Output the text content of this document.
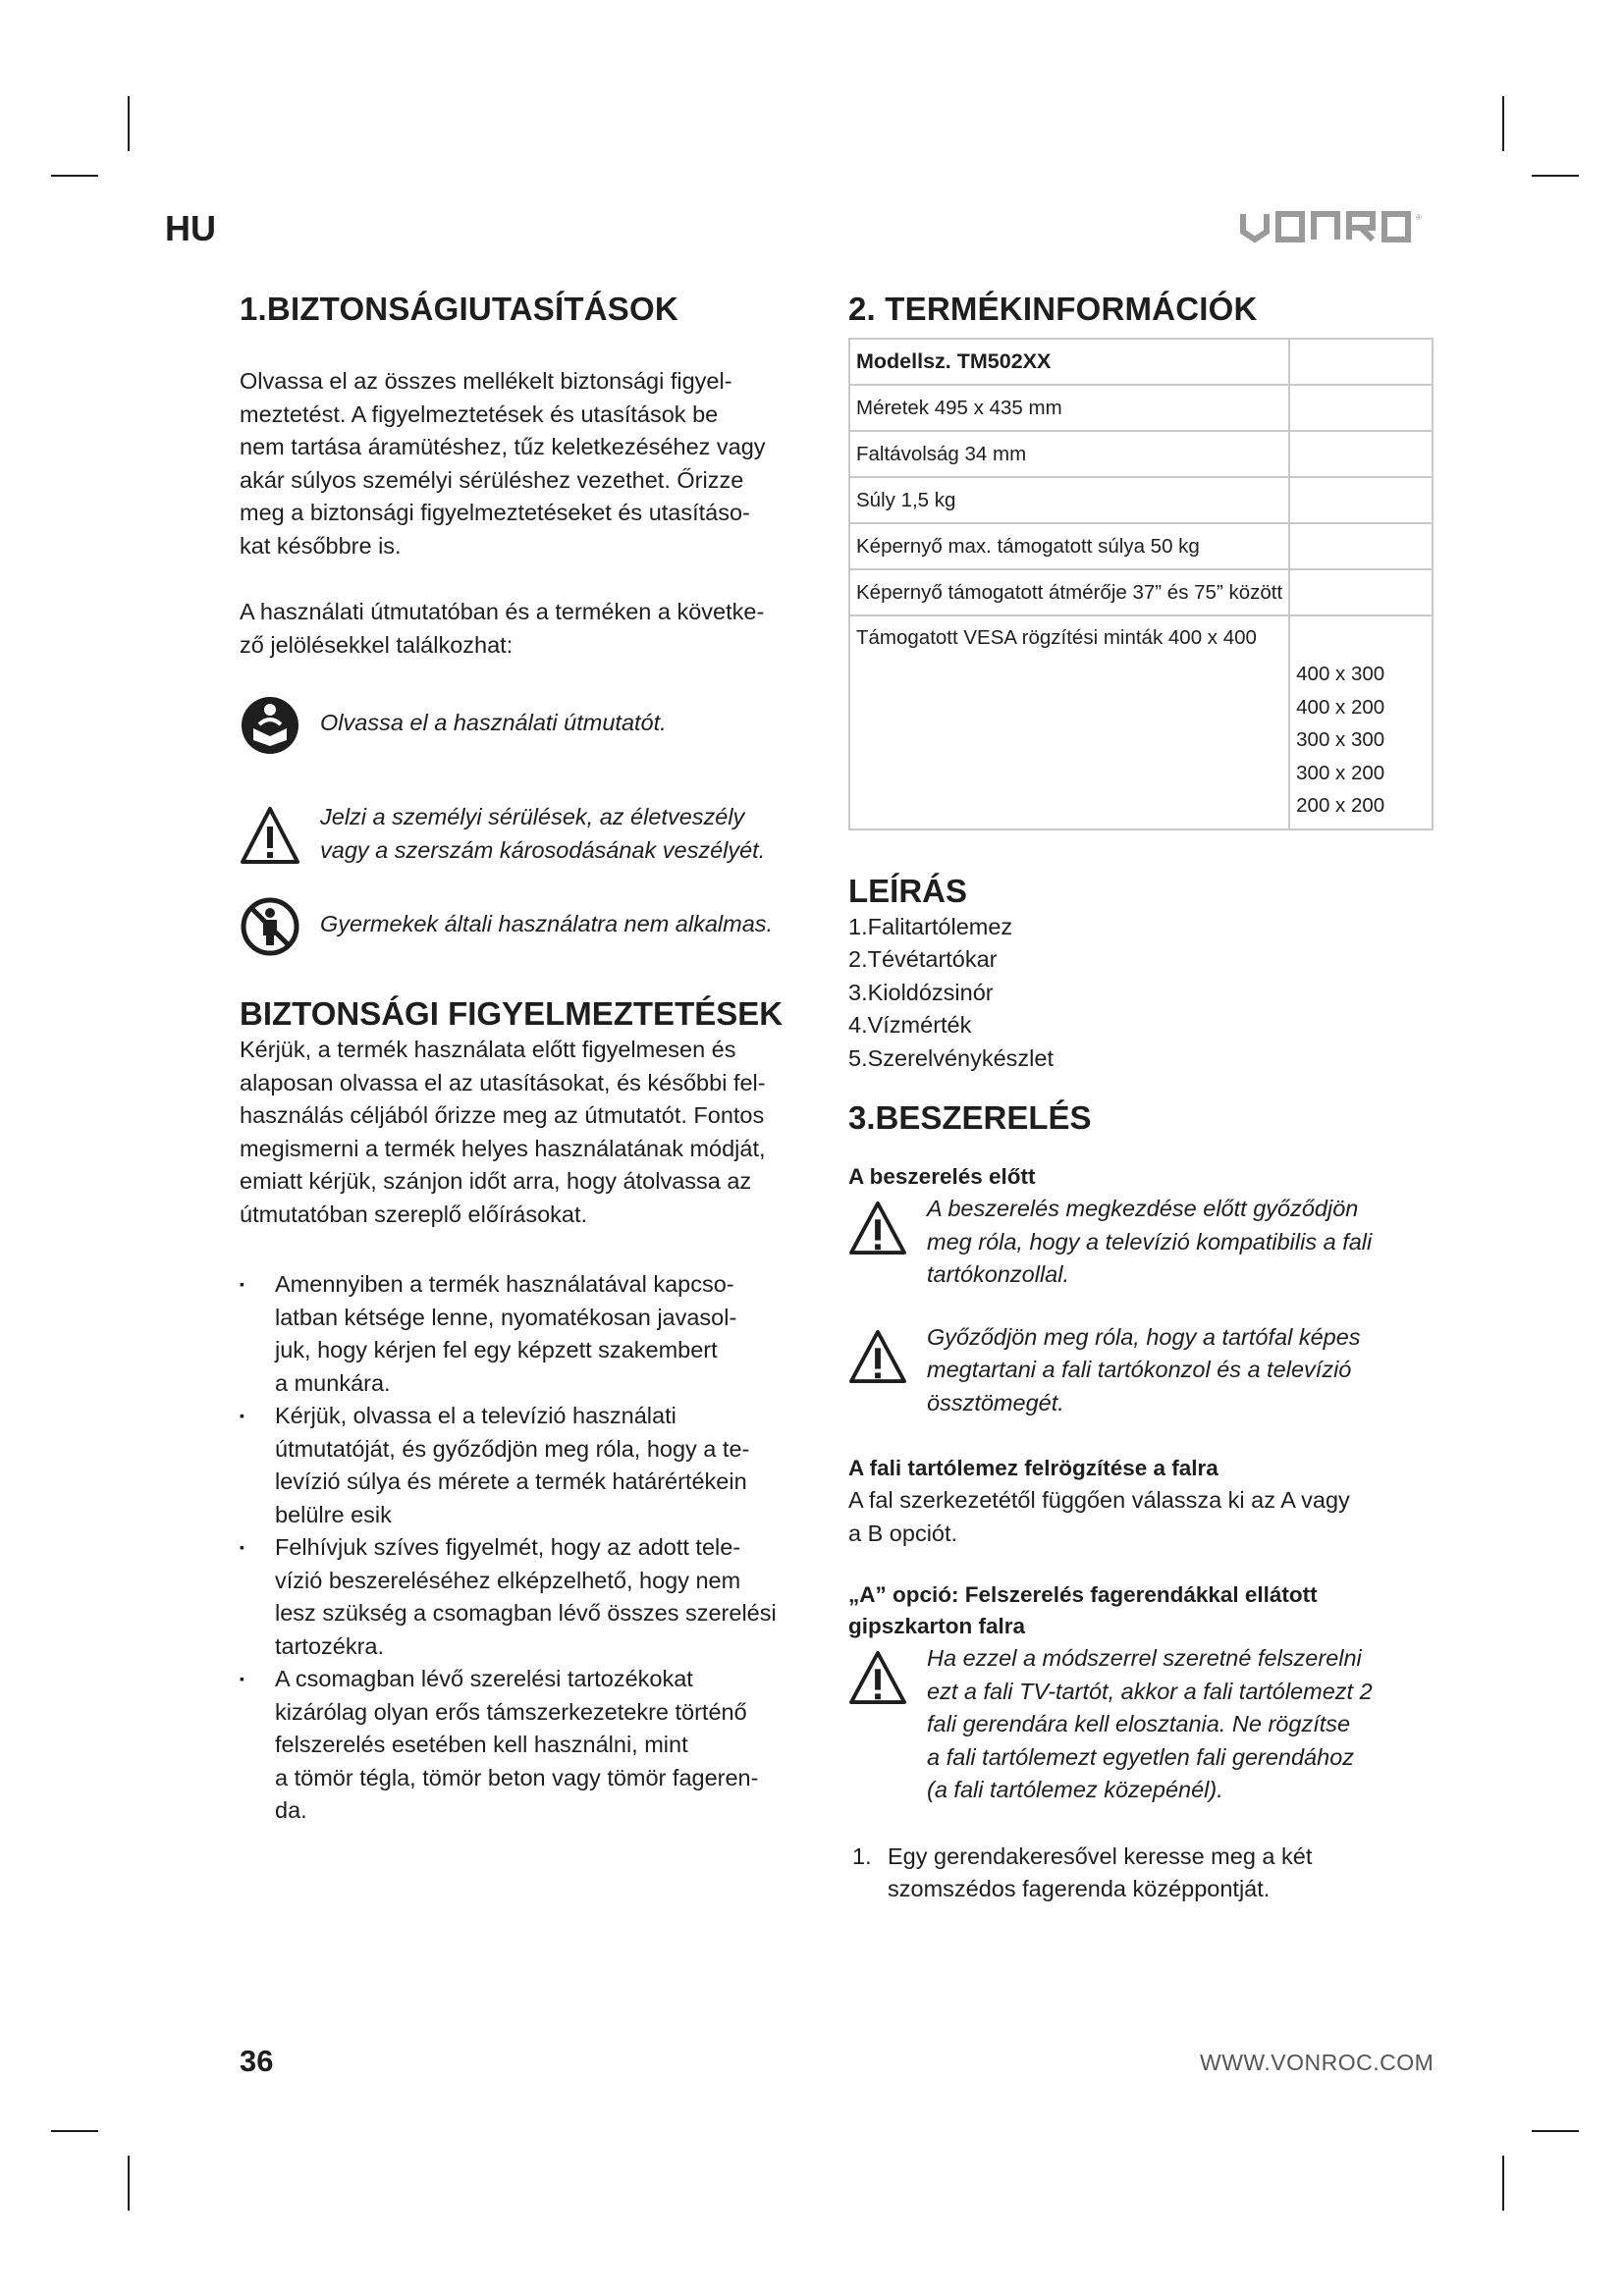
HU	®
1.BIZTONSÁGIUTASÍTÁSOK

Olvassa el az összes mellékelt biztonsági figyel-
meztetést. A figyelmeztetések és utasítások be
nem tartása áramütéshez, tűz keletkezéséhez vagy
akár súlyos személyi sérüléshez vezethet. Őrizze
meg a biztonsági figyelmeztetéseket és utasításo-
kat későbbre is.

A használati útmutatóban és a terméken a követke-
ző jelölésekkel találkozhat:

Olvassa el a használati útmutatót.
Jelzi a személyi sérülések, az életveszély
vagy a szerszám károsodásának veszélyét.
Gyermekek általi használatra nem alkalmas.
BIZTONSÁGI FIGYELMEZTETÉSEK

Kérjük, a termék használata előtt figyelmesen és
alaposan olvassa el az utasításokat, és későbbi fel-
használás céljából őrizze meg az útmutatót. Fontos
megismerni a termék helyes használatának módját,
emiatt kérjük, szánjon időt arra, hogy átolvassa az
útmutatóban szereplő előírásokat.

▪ Amennyiben a termék használatával kapcso-
latban kétsége lenne, nyomatékosan javasol-
juk, hogy kérjen fel egy képzett szakembert
a munkára.
▪ Kérjük, olvassa el a televízió használati
útmutatóját, és győződjön meg róla, hogy a te-
levízió súlya és mérete a termék határértékein
belülre esik
▪ Felhívjuk szíves figyelmét, hogy az adott tele-
vízió beszereléséhez elképzelhető, hogy nem
lesz szükség a csomagban lévő összes szerelési
tartozékra.
▪ A csomagban lévő szerelési tartozékokat
kizárólag olyan erős támszerkezetekre történő
felszerelés esetében kell használni, mint
a tömör tégla, tömör beton vagy tömör fageren-
da.
2. TERMÉKINFORMÁCIÓK
Modellsz. TM502XX	
Méretek 495 x 435 mm	
Faltávolság 34 mm	
Súly 1,5 kg	
Képernyő max. támogatott súlya 50 kg	
Képernyő támogatott átmérője 37” és 75” között	
Támogatott VESA rögzítési minták 400 x 400	400 x 300
400 x 200
300 x 300
300 x 200
200 x 200
LEÍRÁS
1.Falitartólemez
2.Tévétartókar
3.Kioldózsinór
4.Vízmérték
5.Szerelvénykészlet
3.BESZERELÉS
A beszerelés előtt
A beszerelés megkezdése előtt győződjön
meg róla, hogy a televízió kompatibilis a fali
tartókonzollal.
Győződjön meg róla, hogy a tartófal képes
megtartani a fali tartókonzol és a televízió
össztömegét.
A fali tartólemez felrögzítése a falra

A fal szerkezetétől függően válassza ki az A vagy
a B opciót.

„A” opció: Felszerelés fagerendákkal ellátott
gipszkarton falra
Ha ezzel a módszerrel szeretné felszerelni
ezt a fali TV-tartót, akkor a fali tartólemezt 2
fali gerendára kell elosztania. Ne rögzítse
a fali tartólemezt egyetlen fali gerendához
(a fali tartólemez közepénél).
1. Egy gerendakeresővel keresse meg a két
szomszédos fagerenda középpontját.
36	WWW.VONROC.COM
